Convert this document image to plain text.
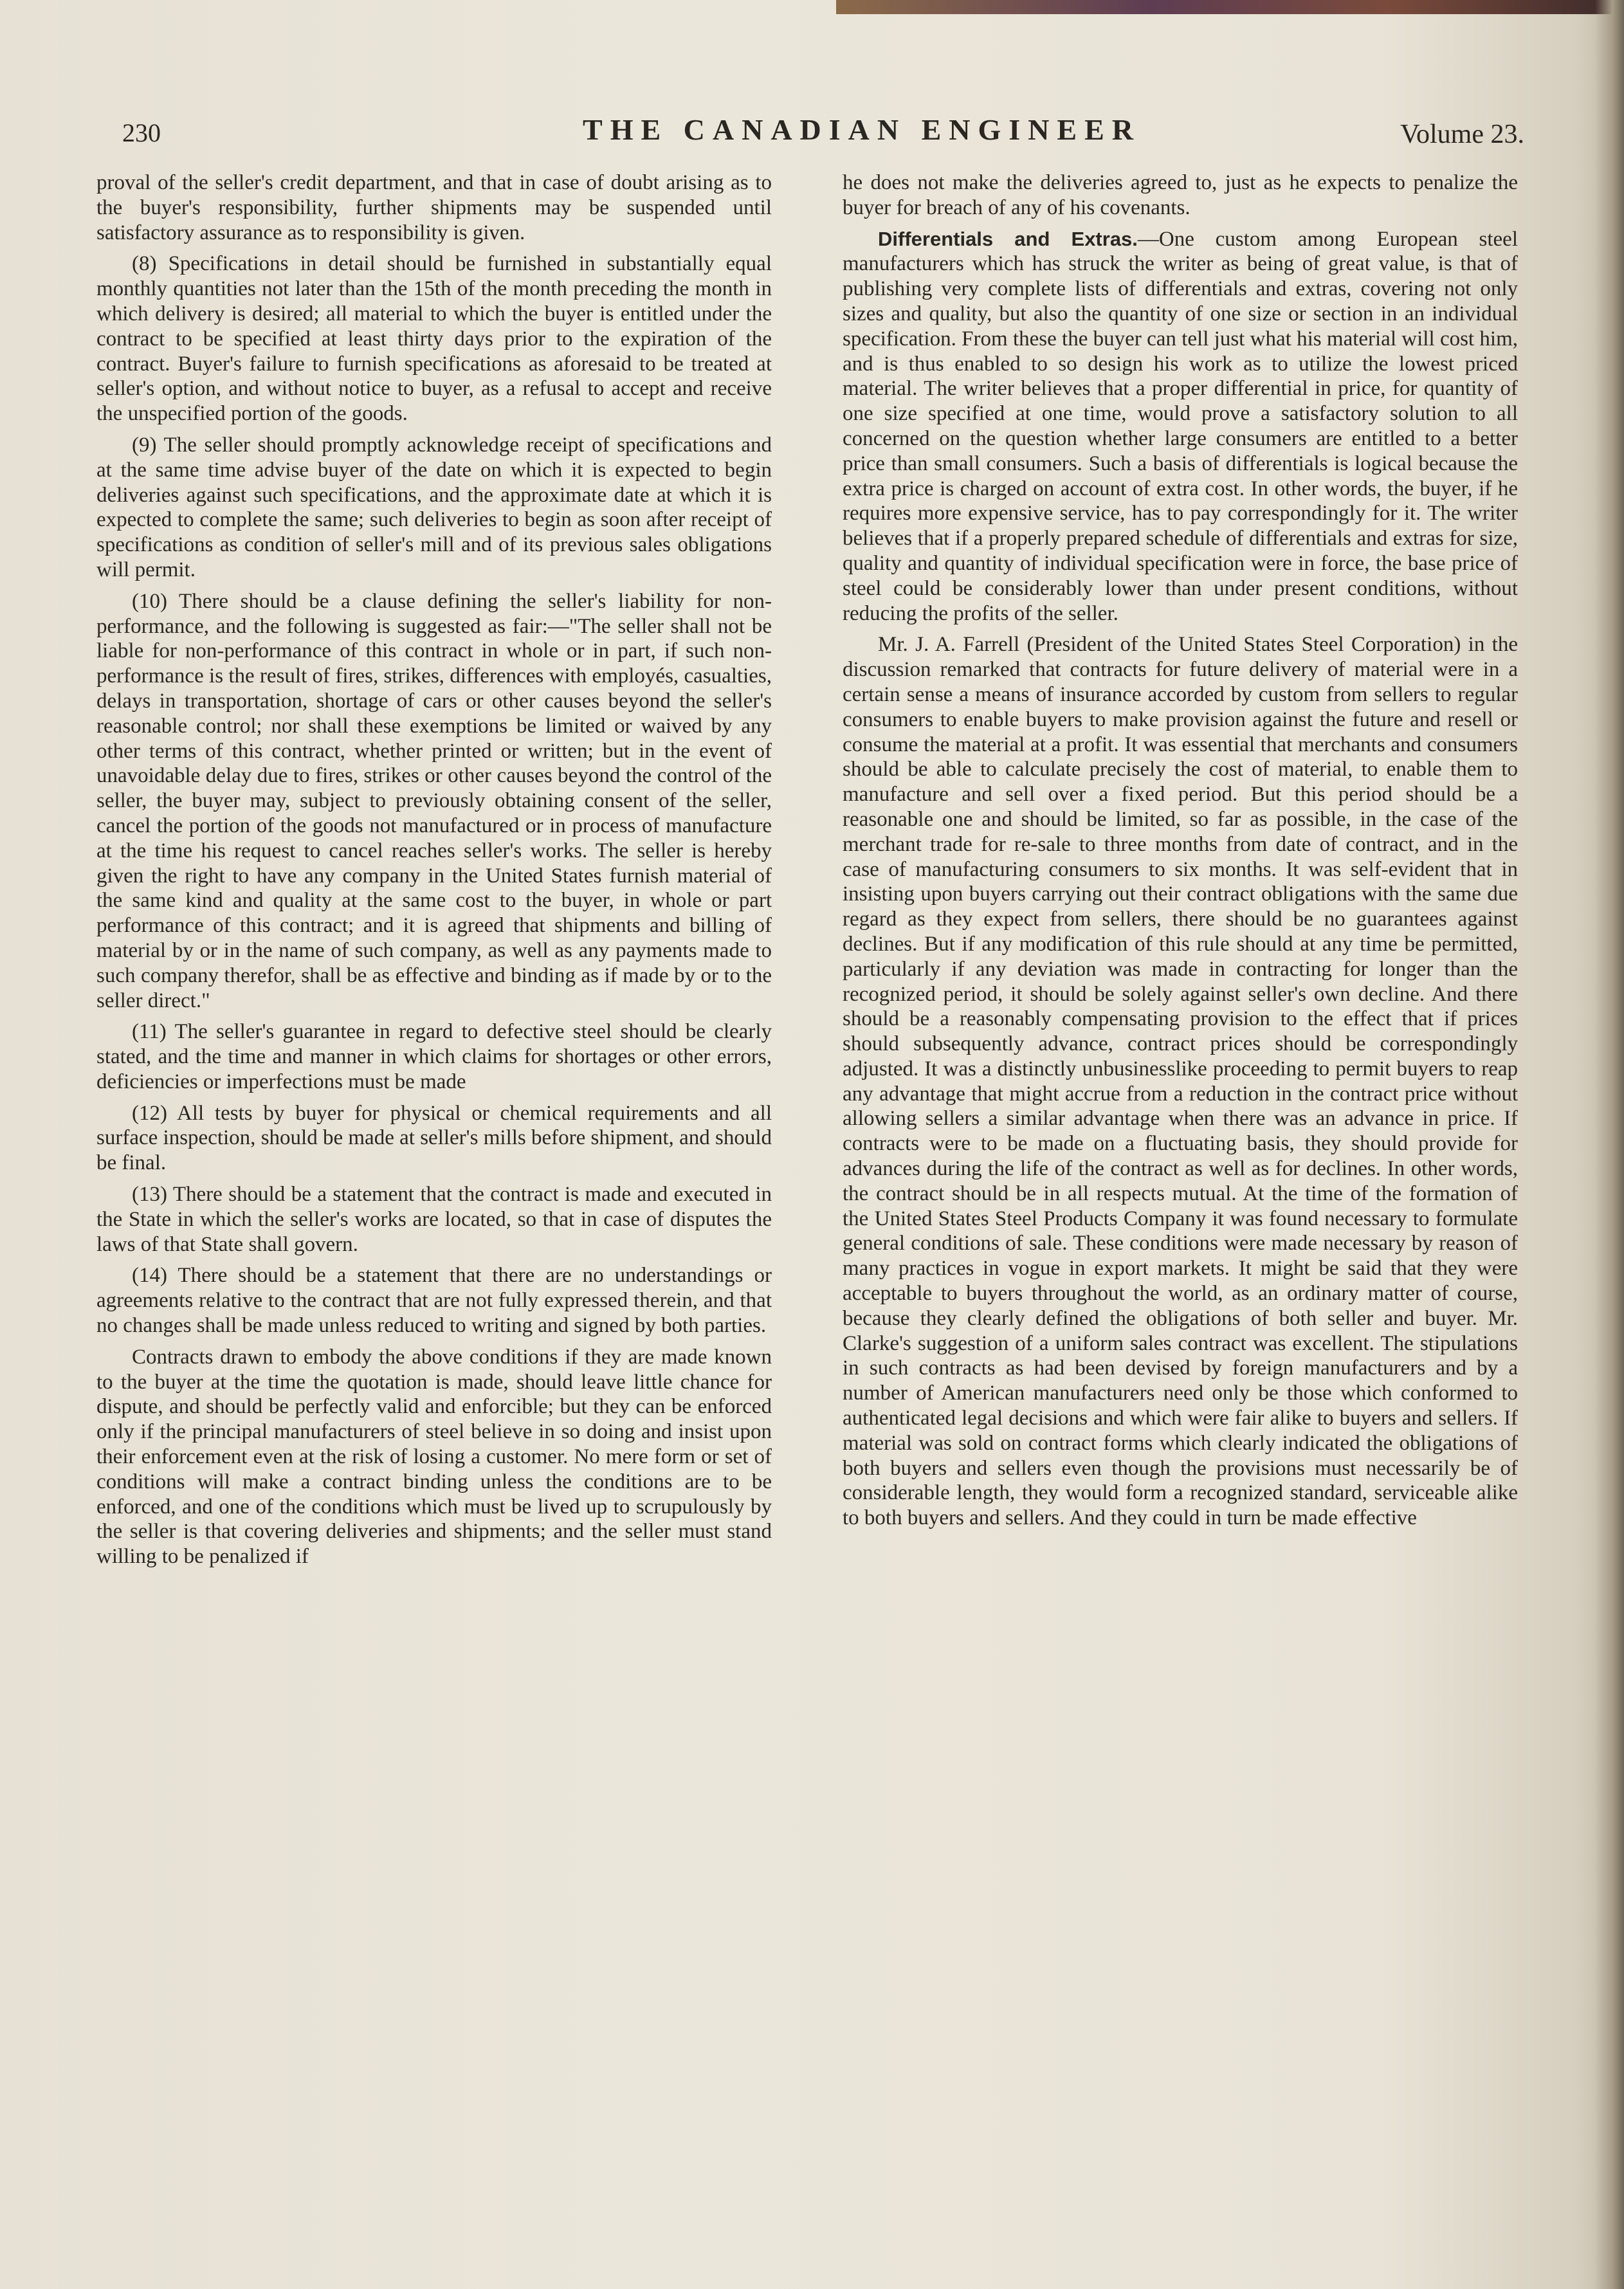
230	THE CANADIAN ENGINEER	Volume 23.

proval of the seller's credit department, and that in case of doubt arising as to the buyer's responsibility, further shipments may be suspended until satisfactory assurance as to responsibility is given.

(8) Specifications in detail should be furnished in substantially equal monthly quantities not later than the 15th of the month preceding the month in which delivery is desired; all material to which the buyer is entitled under the contract to be specified at least thirty days prior to the expiration of the contract. Buyer's failure to furnish specifications as aforesaid to be treated at seller's option, and without notice to buyer, as a refusal to accept and receive the unspecified portion of the goods.

(9) The seller should promptly acknowledge receipt of specifications and at the same time advise buyer of the date on which it is expected to begin deliveries against such specifications, and the approximate date at which it is expected to complete the same; such deliveries to begin as soon after receipt of specifications as condition of seller's mill and of its previous sales obligations will permit.

(10) There should be a clause defining the seller's liability for non-performance, and the following is suggested as fair:—"The seller shall not be liable for non-performance of this contract in whole or in part, if such non-performance is the result of fires, strikes, differences with employés, casualties, delays in transportation, shortage of cars or other causes beyond the seller's reasonable control; nor shall these exemptions be limited or waived by any other terms of this contract, whether printed or written; but in the event of unavoidable delay due to fires, strikes or other causes beyond the control of the seller, the buyer may, subject to previously obtaining consent of the seller, cancel the portion of the goods not manufactured or in process of manufacture at the time his request to cancel reaches seller's works. The seller is hereby given the right to have any company in the United States furnish material of the same kind and quality at the same cost to the buyer, in whole or part performance of this contract; and it is agreed that shipments and billing of material by or in the name of such company, as well as any payments made to such company therefor, shall be as effective and binding as if made by or to the seller direct."

(11) The seller's guarantee in regard to defective steel should be clearly stated, and the time and manner in which claims for shortages or other errors, deficiencies or imperfections must be made

(12) All tests by buyer for physical or chemical requirements and all surface inspection, should be made at seller's mills before shipment, and should be final.

(13) There should be a statement that the contract is made and executed in the State in which the seller's works are located, so that in case of disputes the laws of that State shall govern.

(14) There should be a statement that there are no understandings or agreements relative to the contract that are not fully expressed therein, and that no changes shall be made unless reduced to writing and signed by both parties.

Contracts drawn to embody the above conditions if they are made known to the buyer at the time the quotation is made, should leave little chance for dispute, and should be perfectly valid and enforcible; but they can be enforced only if the principal manufacturers of steel believe in so doing and insist upon their enforcement even at the risk of losing a customer. No mere form or set of conditions will make a contract binding unless the conditions are to be enforced, and one of the conditions which must be lived up to scrupulously by the seller is that covering deliveries and shipments; and the seller must stand willing to be penalized if

he does not make the deliveries agreed to, just as he expects to penalize the buyer for breach of any of his covenants.

Differentials and Extras.—One custom among European steel manufacturers which has struck the writer as being of great value, is that of publishing very complete lists of differentials and extras, covering not only sizes and quality, but also the quantity of one size or section in an individual specification. From these the buyer can tell just what his material will cost him, and is thus enabled to so design his work as to utilize the lowest priced material. The writer believes that a proper differential in price, for quantity of one size specified at one time, would prove a satisfactory solution to all concerned on the question whether large consumers are entitled to a better price than small consumers. Such a basis of differentials is logical because the extra price is charged on account of extra cost. In other words, the buyer, if he requires more expensive service, has to pay correspondingly for it. The writer believes that if a properly prepared schedule of differentials and extras for size, quality and quantity of individual specification were in force, the base price of steel could be considerably lower than under present conditions, without reducing the profits of the seller.

Mr. J. A. Farrell (President of the United States Steel Corporation) in the discussion remarked that contracts for future delivery of material were in a certain sense a means of insurance accorded by custom from sellers to regular consumers to enable buyers to make provision against the future and resell or consume the material at a profit. It was essential that merchants and consumers should be able to calculate precisely the cost of material, to enable them to manufacture and sell over a fixed period. But this period should be a reasonable one and should be limited, so far as possible, in the case of the merchant trade for re-sale to three months from date of contract, and in the case of manufacturing consumers to six months. It was self-evident that in insisting upon buyers carrying out their contract obligations with the same due regard as they expect from sellers, there should be no guarantees against declines. But if any modification of this rule should at any time be permitted, particularly if any deviation was made in contracting for longer than the recognized period, it should be solely against seller's own decline. And there should be a reasonably compensating provision to the effect that if prices should subsequently advance, contract prices should be correspondingly adjusted. It was a distinctly unbusinesslike proceeding to permit buyers to reap any advantage that might accrue from a reduction in the contract price without allowing sellers a similar advantage when there was an advance in price. If contracts were to be made on a fluctuating basis, they should provide for advances during the life of the contract as well as for declines. In other words, the contract should be in all respects mutual. At the time of the formation of the United States Steel Products Company it was found necessary to formulate general conditions of sale. These conditions were made necessary by reason of many practices in vogue in export markets. It might be said that they were acceptable to buyers throughout the world, as an ordinary matter of course, because they clearly defined the obligations of both seller and buyer. Mr. Clarke's suggestion of a uniform sales contract was excellent. The stipulations in such contracts as had been devised by foreign manufacturers and by a number of American manufacturers need only be those which conformed to authenticated legal decisions and which were fair alike to buyers and sellers. If material was sold on contract forms which clearly indicated the obligations of both buyers and sellers even though the provisions must necessarily be of considerable length, they would form a recognized standard, serviceable alike to both buyers and sellers. And they could in turn be made effective
